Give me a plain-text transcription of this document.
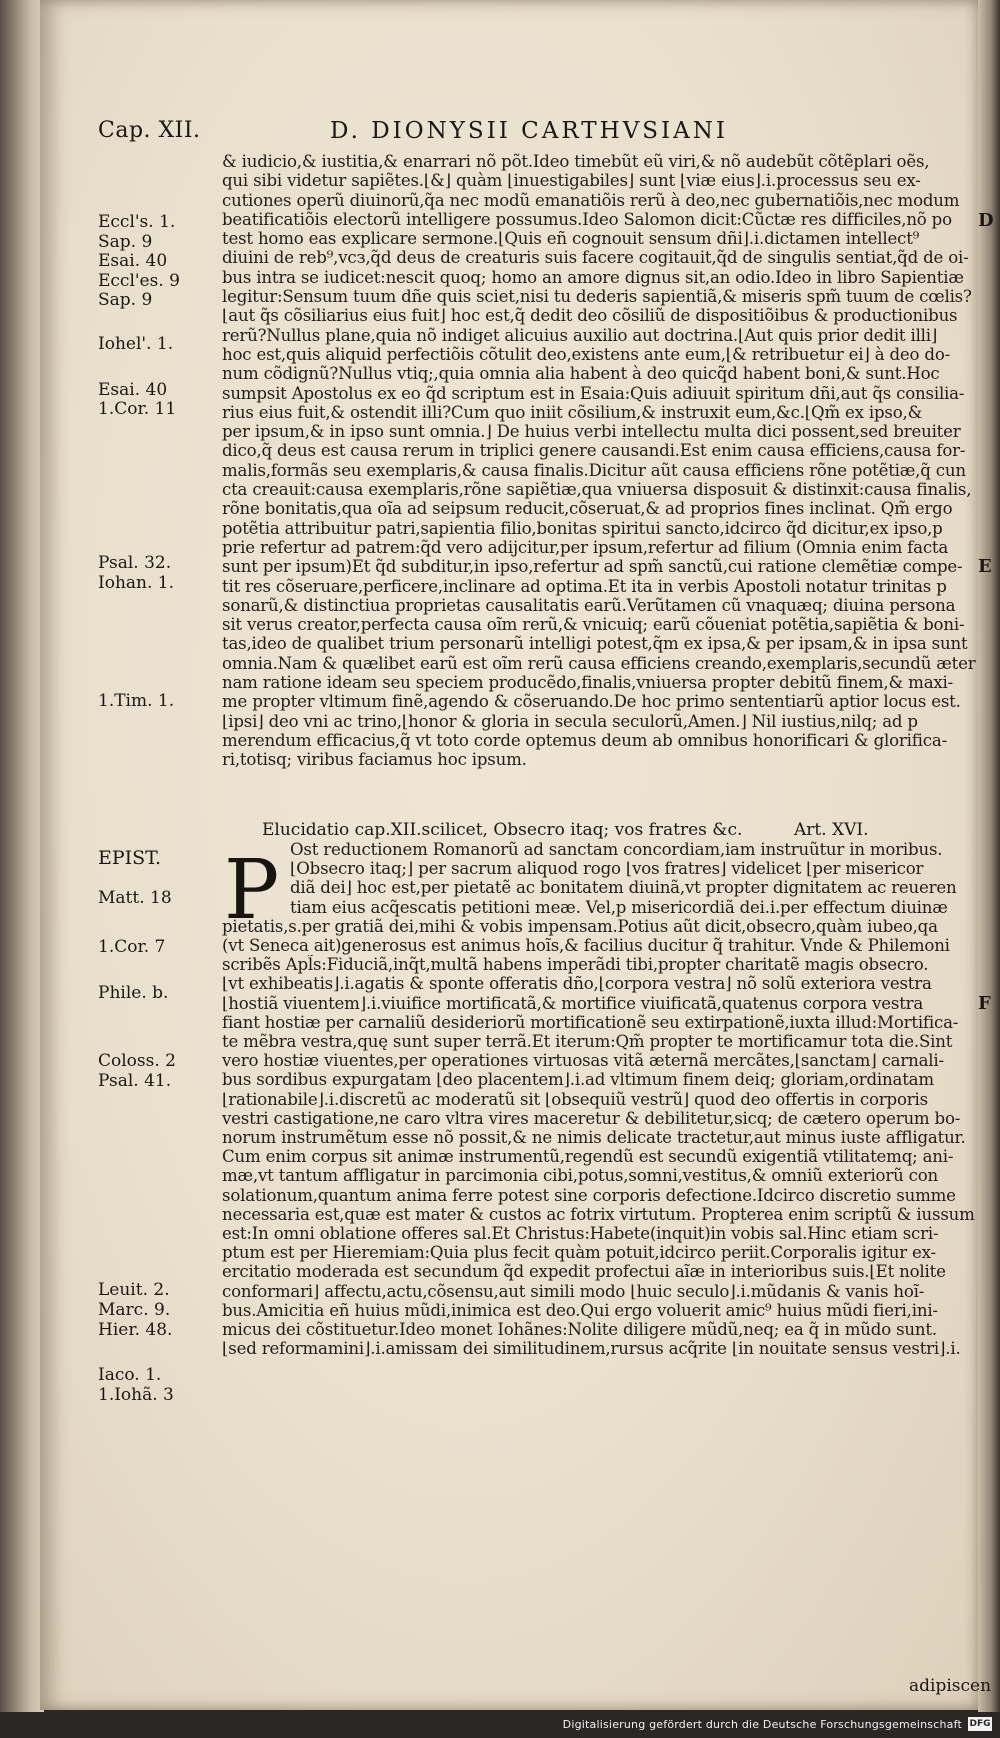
Cap. XII.	D. DIONYSII CARTHVSIANI
Eccl's. 1.
Sap. 9
Esai. 40
Eccl'es. 9
Sap. 9
Iohel'. 1.
Esai. 40
1.Cor. 11
Psal. 32.
Iohan. 1.
1.Tim. 1.
EPIST.
Matt. 18
1.Cor. 7
Phile. b.
Coloss. 2
Psal. 41.
Leuit. 2.
Marc. 9.
Hier. 48.
Iaco. 1.
1.Iohã. 3
D
E
F
& iudicio,& iustitia,& enarrari nõ põt.Ideo timebũt eũ viri,& nõ audebũt cõtẽplari oẽs,
qui sibi videtur sapiẽtes.⌊&⌋ quàm ⌊inuestigabiles⌋ sunt ⌊viæ eius⌋.i.processus seu ex-
cutiones operũ diuinorũ,q̃a nec modũ emanatiõis rerũ à deo,nec gubernatiõis,nec modum
beatificatiõis electorũ intelligere possumus.Ideo Salomon dicit:Cũctæ res difficiles,nõ po
test homo eas explicare sermone.⌊Quis eñ cognouit sensum dñi⌋.i.dictamen intellect⁹
diuini de reb⁹,vcз,q̃d deus de creaturis suis facere cogitauit,q̃d de singulis sentiat,q̃d de oi-
bus intra se iudicet:nescit quoq; homo an amore dignus sit,an odio.Ideo in libro Sapientiæ
legitur:Sensum tuum dñe quis sciet,nisi tu dederis sapientiã,& miseris spm̃ tuum de cœlis?
⌊aut q̃s cõsiliarius eius fuit⌋ hoc est,q̃ dedit deo cõsiliũ de dispositiõibus & productionibus
rerũ?Nullus plane,quia nõ indiget alicuius auxilio aut doctrina.⌊Aut quis prior dedit illi⌋
hoc est,quis aliquid perfectiõis cõtulit deo,existens ante eum,⌊& retribuetur ei⌋ à deo do-
num cõdignũ?Nullus vtiq;,quia omnia alia habent à deo quicq̃d habent boni,& sunt.Hoc
sumpsit Apostolus ex eo q̃d scriptum est in Esaia:Quis adiuuit spiritum dñi,aut q̃s consilia-
rius eius fuit,& ostendit illi?Cum quo iniit cõsilium,& instruxit eum,&c.⌊Qm̃ ex ipso,&
per ipsum,& in ipso sunt omnia.⌋ De huius verbi intellectu multa dici possent,sed breuiter
dico,q̃ deus est causa rerum in triplici genere causandi.Est enim causa efficiens,causa for-
malis,formãs seu exemplaris,& causa finalis.Dicitur aũt causa efficiens rõne potẽtiæ,q̃ cun
cta creauit:causa exemplaris,rõne sapiẽtiæ,qua vniuersa disposuit & distinxit:causa finalis,
rõne bonitatis,qua oĩa ad seipsum reducit,cõseruat,& ad proprios fines inclinat. Qm̃ ergo
potẽtia attribuitur patri,sapientia filio,bonitas spiritui sancto,idcirco q̃d dicitur,ex ipso,p
prie refertur ad patrem:q̃d vero adijcitur,per ipsum,refertur ad filium (Omnia enim facta
sunt per ipsum)Et q̃d subditur,in ipso,refertur ad spm̃ sanctũ,cui ratione clemẽtiæ compe-
tit res cõseruare,perficere,inclinare ad optima.Et ita in verbis Apostoli notatur trinitas p
sonarũ,& distinctiua proprietas causalitatis earũ.Verũtamen cũ vnaquæq; diuina persona
sit verus creator,perfecta causa oĩm rerũ,& vnicuiq; earũ cõueniat potẽtia,sapiẽtia & boni-
tas,ideo de qualibet trium personarũ intelligi potest,q̃m ex ipsa,& per ipsam,& in ipsa sunt
omnia.Nam & quælibet earũ est oĩm rerũ causa efficiens creando,exemplaris,secundũ æter
nam ratione ideam seu speciem producẽdo,finalis,vniuersa propter debitũ finem,& maxi-
me propter vltimum finẽ,agendo & cõseruando.De hoc primo sententiarũ aptior locus est.
⌊ipsi⌋ deo vni ac trino,⌊honor & gloria in secula seculorũ,Amen.⌋ Nil iustius,nilq; ad p
merendum efficacius,q̃ vt toto corde optemus deum ab omnibus honorificari & glorifica-
ri,totisq; viribus faciamus hoc ipsum.
Elucidatio cap.XII.scilicet, Obsecro itaq; vos fratres &c.	Art. XVI.
P Ost reductionem Romanorũ ad sanctam concordiam,iam instruũtur in moribus.
⌊Obsecro itaq;⌋ per sacrum aliquod rogo ⌊vos fratres⌋ videlicet ⌊per misericor
diã dei⌋ hoc est,per pietatẽ ac bonitatem diuinã,vt propter dignitatem ac reueren
tiam eius acq̃escatis petitioni meæ. Vel,p misericordiã dei.i.per effectum diuinæ
pietatis,s.per gratiã dei,mihi & vobis impensam.Potius aũt dicit,obsecro,quàm iubeo,qa
(vt Seneca ait)generosus est animus hoĩs,& facilius ducitur q̃ trahitur. Vnde & Philemoni
scribẽs Apl̃s:Fiduciã,inq̃t,multã habens imperãdi tibi,propter charitatẽ magis obsecro.
⌊vt exhibeatis⌋.i.agatis & sponte offeratis dño,⌊corpora vestra⌋ nõ solũ exteriora vestra
⌊hostiã viuentem⌋.i.viuifice mortificatã,& mortifice viuificatã,quatenus corpora vestra
fiant hostiæ per carnaliũ desideriorũ mortificationẽ seu extirpationẽ,iuxta illud:Mortifica-
te mẽbra vestra,quę sunt super terrã.Et iterum:Qm̃ propter te mortificamur tota die.Sint
vero hostiæ viuentes,per operationes virtuosas vitã æternã mercãtes,⌊sanctam⌋ carnali-
bus sordibus expurgatam ⌊deo placentem⌋.i.ad vltimum finem deiq; gloriam,ordinatam
⌊rationabile⌋.i.discretũ ac moderatũ sit ⌊obsequiũ vestrũ⌋ quod deo offertis in corporis
vestri castigatione,ne caro vltra vires maceretur & debilitetur,sicq; de cætero operum bo-
norum instrumẽtum esse nõ possit,& ne nimis delicate tractetur,aut minus iuste affligatur.
Cum enim corpus sit animæ instrumentũ,regendũ est secundũ exigentiã vtilitatemq; ani-
mæ,vt tantum affligatur in parcimonia cibi,potus,somni,vestitus,& omniũ exteriorũ con
solationum,quantum anima ferre potest sine corporis defectione.Idcirco discretio summe
necessaria est,quæ est mater & custos ac fotrix virtutum. Propterea enim scriptũ & iussum
est:In omni oblatione offeres sal.Et Christus:Habete(inquit)in vobis sal.Hinc etiam scri-
ptum est per Hieremiam:Quia plus fecit quàm potuit,idcirco periit.Corporalis igitur ex-
ercitatio moderada est secundum q̃d expedit profectui aĩæ in interioribus suis.⌊Et nolite
conformari⌋ affectu,actu,cõsensu,aut simili modo ⌊huic seculo⌋.i.mũdanis & vanis hoĩ-
bus.Amicitia eñ huius mũdi,inimica est deo.Qui ergo voluerit amic⁹ huius mũdi fieri,ini-
micus dei cõstituetur.Ideo monet Iohãnes:Nolite diligere mũdũ,neq; ea q̃ in mũdo sunt.
⌊sed reformamini⌋.i.amissam dei similitudinem,rursus acq̃rite ⌊in nouitate sensus vestri⌋.i.
adipiscen
Digitalisierung gefördert durch die Deutsche Forschungsgemeinschaft DFG
